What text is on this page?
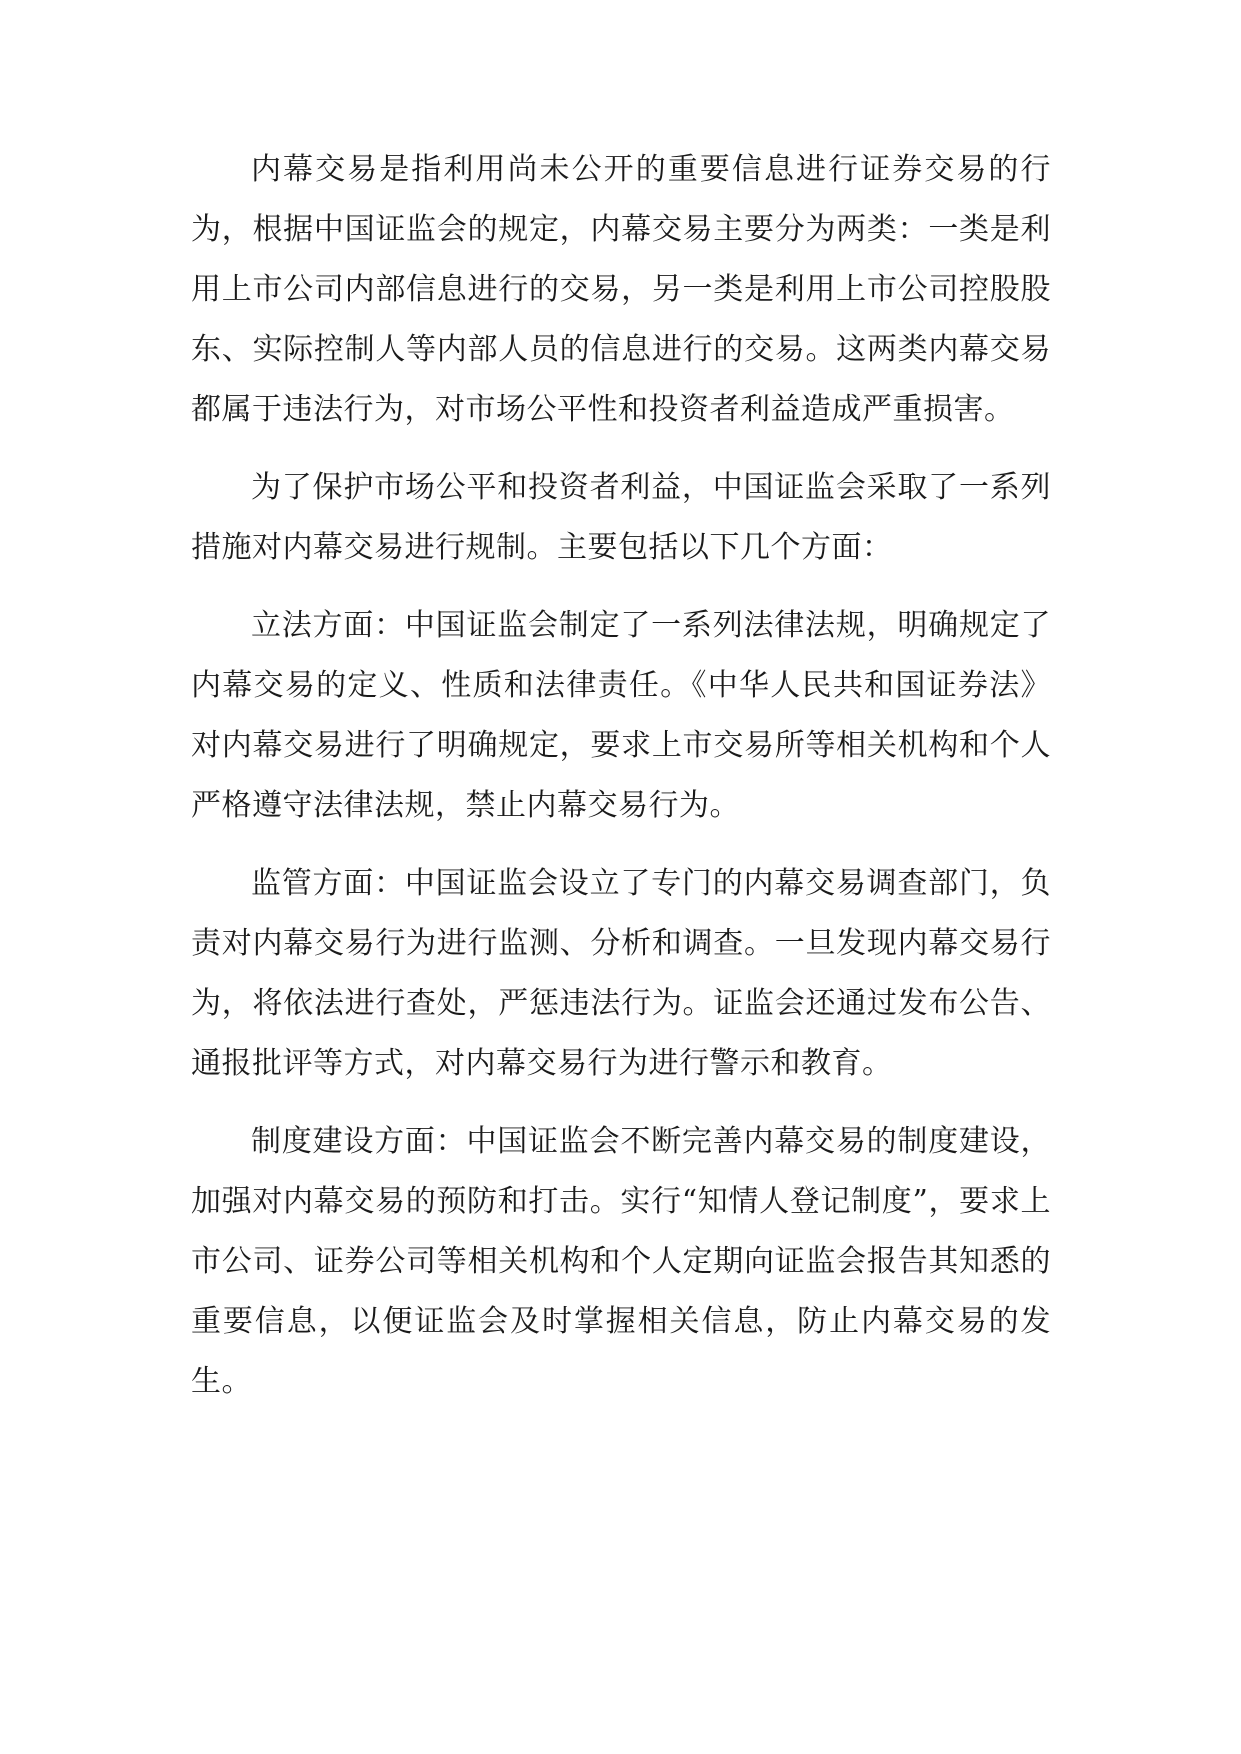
内幕交易是指利用尚未公开的重要信息进行证券交易的行为，根据中国证监会的规定，内幕交易主要分为两类：一类是利用上市公司内部信息进行的交易，另一类是利用上市公司控股股东、实际控制人等内部人员的信息进行的交易。这两类内幕交易都属于违法行为，对市场公平性和投资者利益造成严重损害。

为了保护市场公平和投资者利益，中国证监会采取了一系列措施对内幕交易进行规制。主要包括以下几个方面：

立法方面：中国证监会制定了一系列法律法规，明确规定了内幕交易的定义、性质和法律责任。《中华人民共和国证券法》对内幕交易进行了明确规定，要求上市交易所等相关机构和个人严格遵守法律法规，禁止内幕交易行为。

监管方面：中国证监会设立了专门的内幕交易调查部门，负责对内幕交易行为进行监测、分析和调查。一旦发现内幕交易行为，将依法进行查处，严惩违法行为。证监会还通过发布公告、通报批评等方式，对内幕交易行为进行警示和教育。

制度建设方面：中国证监会不断完善内幕交易的制度建设，加强对内幕交易的预防和打击。实行“知情人登记制度”，要求上市公司、证券公司等相关机构和个人定期向证监会报告其知悉的重要信息，以便证监会及时掌握相关信息，防止内幕交易的发生。
